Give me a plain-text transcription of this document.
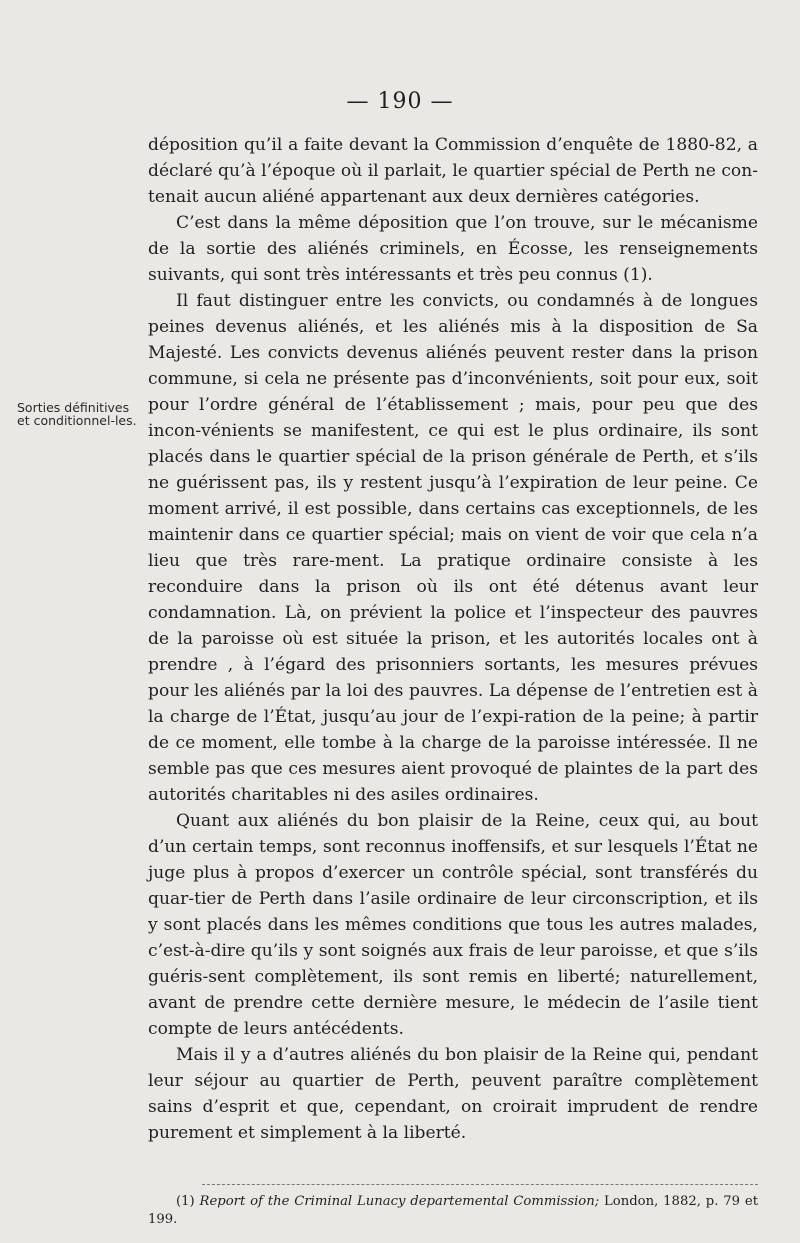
— 190 —
Sorties définitives et conditionnel-les.

déposition qu’il a faite devant la Commission d’enquête de 1880-82, a déclaré qu’à l’époque où il parlait, le quartier spécial de Perth ne con-tenait aucun aliéné appartenant aux deux dernières catégories.

C’est dans la même déposition que l’on trouve, sur le mécanisme de la sortie des aliénés criminels, en Écosse, les renseignements suivants, qui sont très intéressants et très peu connus (1).

Il faut distinguer entre les convicts, ou condamnés à de longues peines devenus aliénés, et les aliénés mis à la disposition de Sa Majesté. Les convicts devenus aliénés peuvent rester dans la prison commune, si cela ne présente pas d’inconvénients, soit pour eux, soit pour l’ordre général de l’établissement ; mais, pour peu que des incon-vénients se manifestent, ce qui est le plus ordinaire, ils sont placés dans le quartier spécial de la prison générale de Perth, et s’ils ne guérissent pas, ils y restent jusqu’à l’expiration de leur peine. Ce moment arrivé, il est possible, dans certains cas exceptionnels, de les maintenir dans ce quartier spécial; mais on vient de voir que cela n’a lieu que très rare-ment. La pratique ordinaire consiste à les reconduire dans la prison où ils ont été détenus avant leur condamnation. Là, on prévient la police et l’inspecteur des pauvres de la paroisse où est située la prison, et les autorités locales ont à prendre , à l’égard des prisonniers sortants, les mesures prévues pour les aliénés par la loi des pauvres. La dépense de l’entretien est à la charge de l’État, jusqu’au jour de l’expi-ration de la peine; à partir de ce moment, elle tombe à la charge de la paroisse intéressée. Il ne semble pas que ces mesures aient provoqué de plaintes de la part des autorités charitables ni des asiles ordinaires.

Quant aux aliénés du bon plaisir de la Reine, ceux qui, au bout d’un certain temps, sont reconnus inoffensifs, et sur lesquels l’État ne juge plus à propos d’exercer un contrôle spécial, sont transférés du quar-tier de Perth dans l’asile ordinaire de leur circonscription, et ils y sont placés dans les mêmes conditions que tous les autres malades, c’est-à-dire qu’ils y sont soignés aux frais de leur paroisse, et que s’ils guéris-sent complètement, ils sont remis en liberté; naturellement, avant de prendre cette dernière mesure, le médecin de l’asile tient compte de leurs antécédents.

Mais il y a d’autres aliénés du bon plaisir de la Reine qui, pendant leur séjour au quartier de Perth, peuvent paraître complètement sains d’esprit et que, cependant, on croirait imprudent de rendre purement et simplement à la liberté.

(1) Report of the Criminal Lunacy departemental Commission; London, 1882, p. 79 et 199.
